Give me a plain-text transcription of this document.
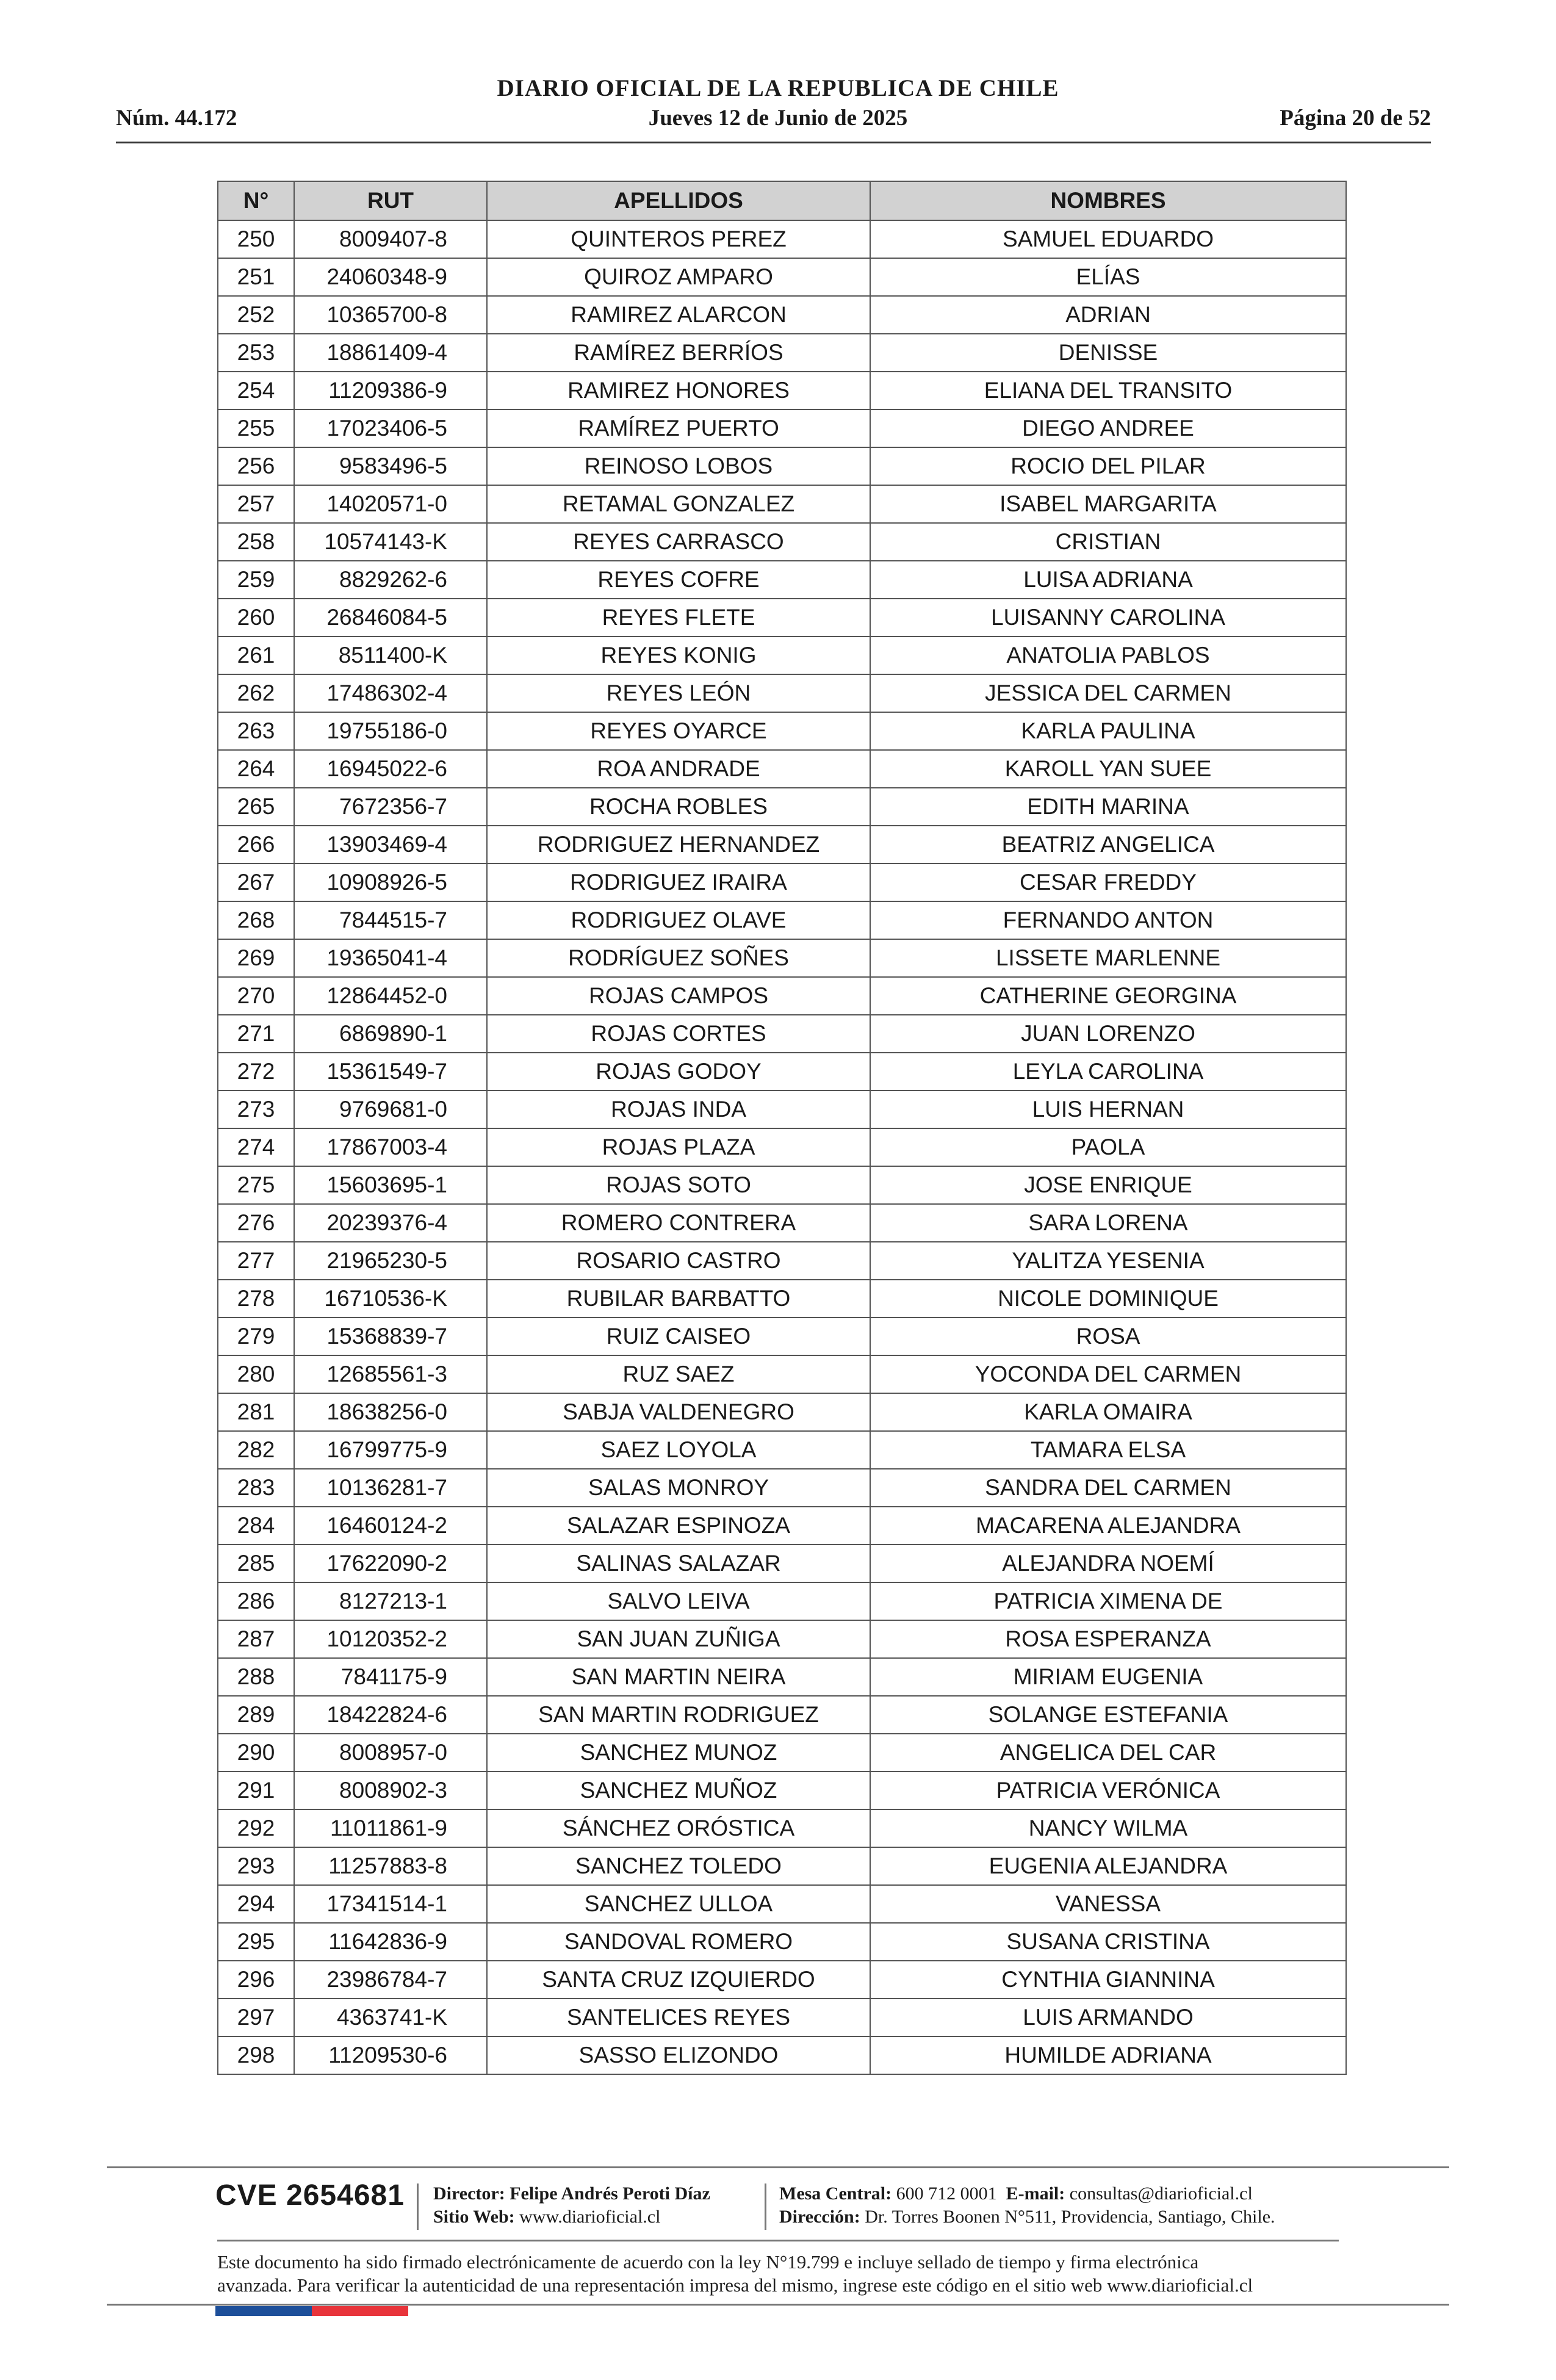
DIARIO OFICIAL DE LA REPUBLICA DE CHILE
Núm. 44.172	Jueves 12 de Junio de 2025	Página 20 de 52
N°	RUT	APELLIDOS	NOMBRES
250	8009407-8	QUINTEROS PEREZ	SAMUEL EDUARDO
251	24060348-9	QUIROZ AMPARO	ELÍAS
252	10365700-8	RAMIREZ ALARCON	ADRIAN
253	18861409-4	RAMÍREZ BERRÍOS	DENISSE
254	11209386-9	RAMIREZ HONORES	ELIANA DEL TRANSITO
255	17023406-5	RAMÍREZ PUERTO	DIEGO ANDREE
256	9583496-5	REINOSO LOBOS	ROCIO DEL PILAR
257	14020571-0	RETAMAL GONZALEZ	ISABEL MARGARITA
258	10574143-K	REYES CARRASCO	CRISTIAN
259	8829262-6	REYES COFRE	LUISA ADRIANA
260	26846084-5	REYES FLETE	LUISANNY CAROLINA
261	8511400-K	REYES KONIG	ANATOLIA PABLOS
262	17486302-4	REYES LEÓN	JESSICA DEL CARMEN
263	19755186-0	REYES OYARCE	KARLA PAULINA
264	16945022-6	ROA ANDRADE	KAROLL YAN SUEE
265	7672356-7	ROCHA ROBLES	EDITH MARINA
266	13903469-4	RODRIGUEZ HERNANDEZ	BEATRIZ ANGELICA
267	10908926-5	RODRIGUEZ IRAIRA	CESAR FREDDY
268	7844515-7	RODRIGUEZ OLAVE	FERNANDO ANTON
269	19365041-4	RODRÍGUEZ SOÑES	LISSETE MARLENNE
270	12864452-0	ROJAS CAMPOS	CATHERINE GEORGINA
271	6869890-1	ROJAS CORTES	JUAN LORENZO
272	15361549-7	ROJAS GODOY	LEYLA CAROLINA
273	9769681-0	ROJAS INDA	LUIS HERNAN
274	17867003-4	ROJAS PLAZA	PAOLA
275	15603695-1	ROJAS SOTO	JOSE ENRIQUE
276	20239376-4	ROMERO CONTRERA	SARA LORENA
277	21965230-5	ROSARIO CASTRO	YALITZA YESENIA
278	16710536-K	RUBILAR BARBATTO	NICOLE DOMINIQUE
279	15368839-7	RUIZ CAISEO	ROSA
280	12685561-3	RUZ SAEZ	YOCONDA DEL CARMEN
281	18638256-0	SABJA VALDENEGRO	KARLA OMAIRA
282	16799775-9	SAEZ LOYOLA	TAMARA ELSA
283	10136281-7	SALAS MONROY	SANDRA DEL CARMEN
284	16460124-2	SALAZAR ESPINOZA	MACARENA ALEJANDRA
285	17622090-2	SALINAS SALAZAR	ALEJANDRA NOEMÍ
286	8127213-1	SALVO LEIVA	PATRICIA XIMENA DE
287	10120352-2	SAN JUAN ZUÑIGA	ROSA ESPERANZA
288	7841175-9	SAN MARTIN NEIRA	MIRIAM EUGENIA
289	18422824-6	SAN MARTIN RODRIGUEZ	SOLANGE ESTEFANIA
290	8008957-0	SANCHEZ MUNOZ	ANGELICA DEL CAR
291	8008902-3	SANCHEZ MUÑOZ	PATRICIA VERÓNICA
292	11011861-9	SÁNCHEZ ORÓSTICA	NANCY WILMA
293	11257883-8	SANCHEZ TOLEDO	EUGENIA ALEJANDRA
294	17341514-1	SANCHEZ ULLOA	VANESSA
295	11642836-9	SANDOVAL ROMERO	SUSANA CRISTINA
296	23986784-7	SANTA CRUZ IZQUIERDO	CYNTHIA GIANNINA
297	4363741-K	SANTELICES REYES	LUIS ARMANDO
298	11209530-6	SASSO ELIZONDO	HUMILDE ADRIANA
CVE 2654681 Director: Felipe Andrés Peroti Díaz
Sitio Web: www.diarioficial.cl
Mesa Central: 600 712 0001 E-mail: consultas@diarioficial.cl
Dirección: Dr. Torres Boonen N°511, Providencia, Santiago, Chile.
Este documento ha sido firmado electrónicamente de acuerdo con la ley N°19.799 e incluye sellado de tiempo y firma electrónica
avanzada. Para verificar la autenticidad de una representación impresa del mismo, ingrese este código en el sitio web www.diarioficial.cl
